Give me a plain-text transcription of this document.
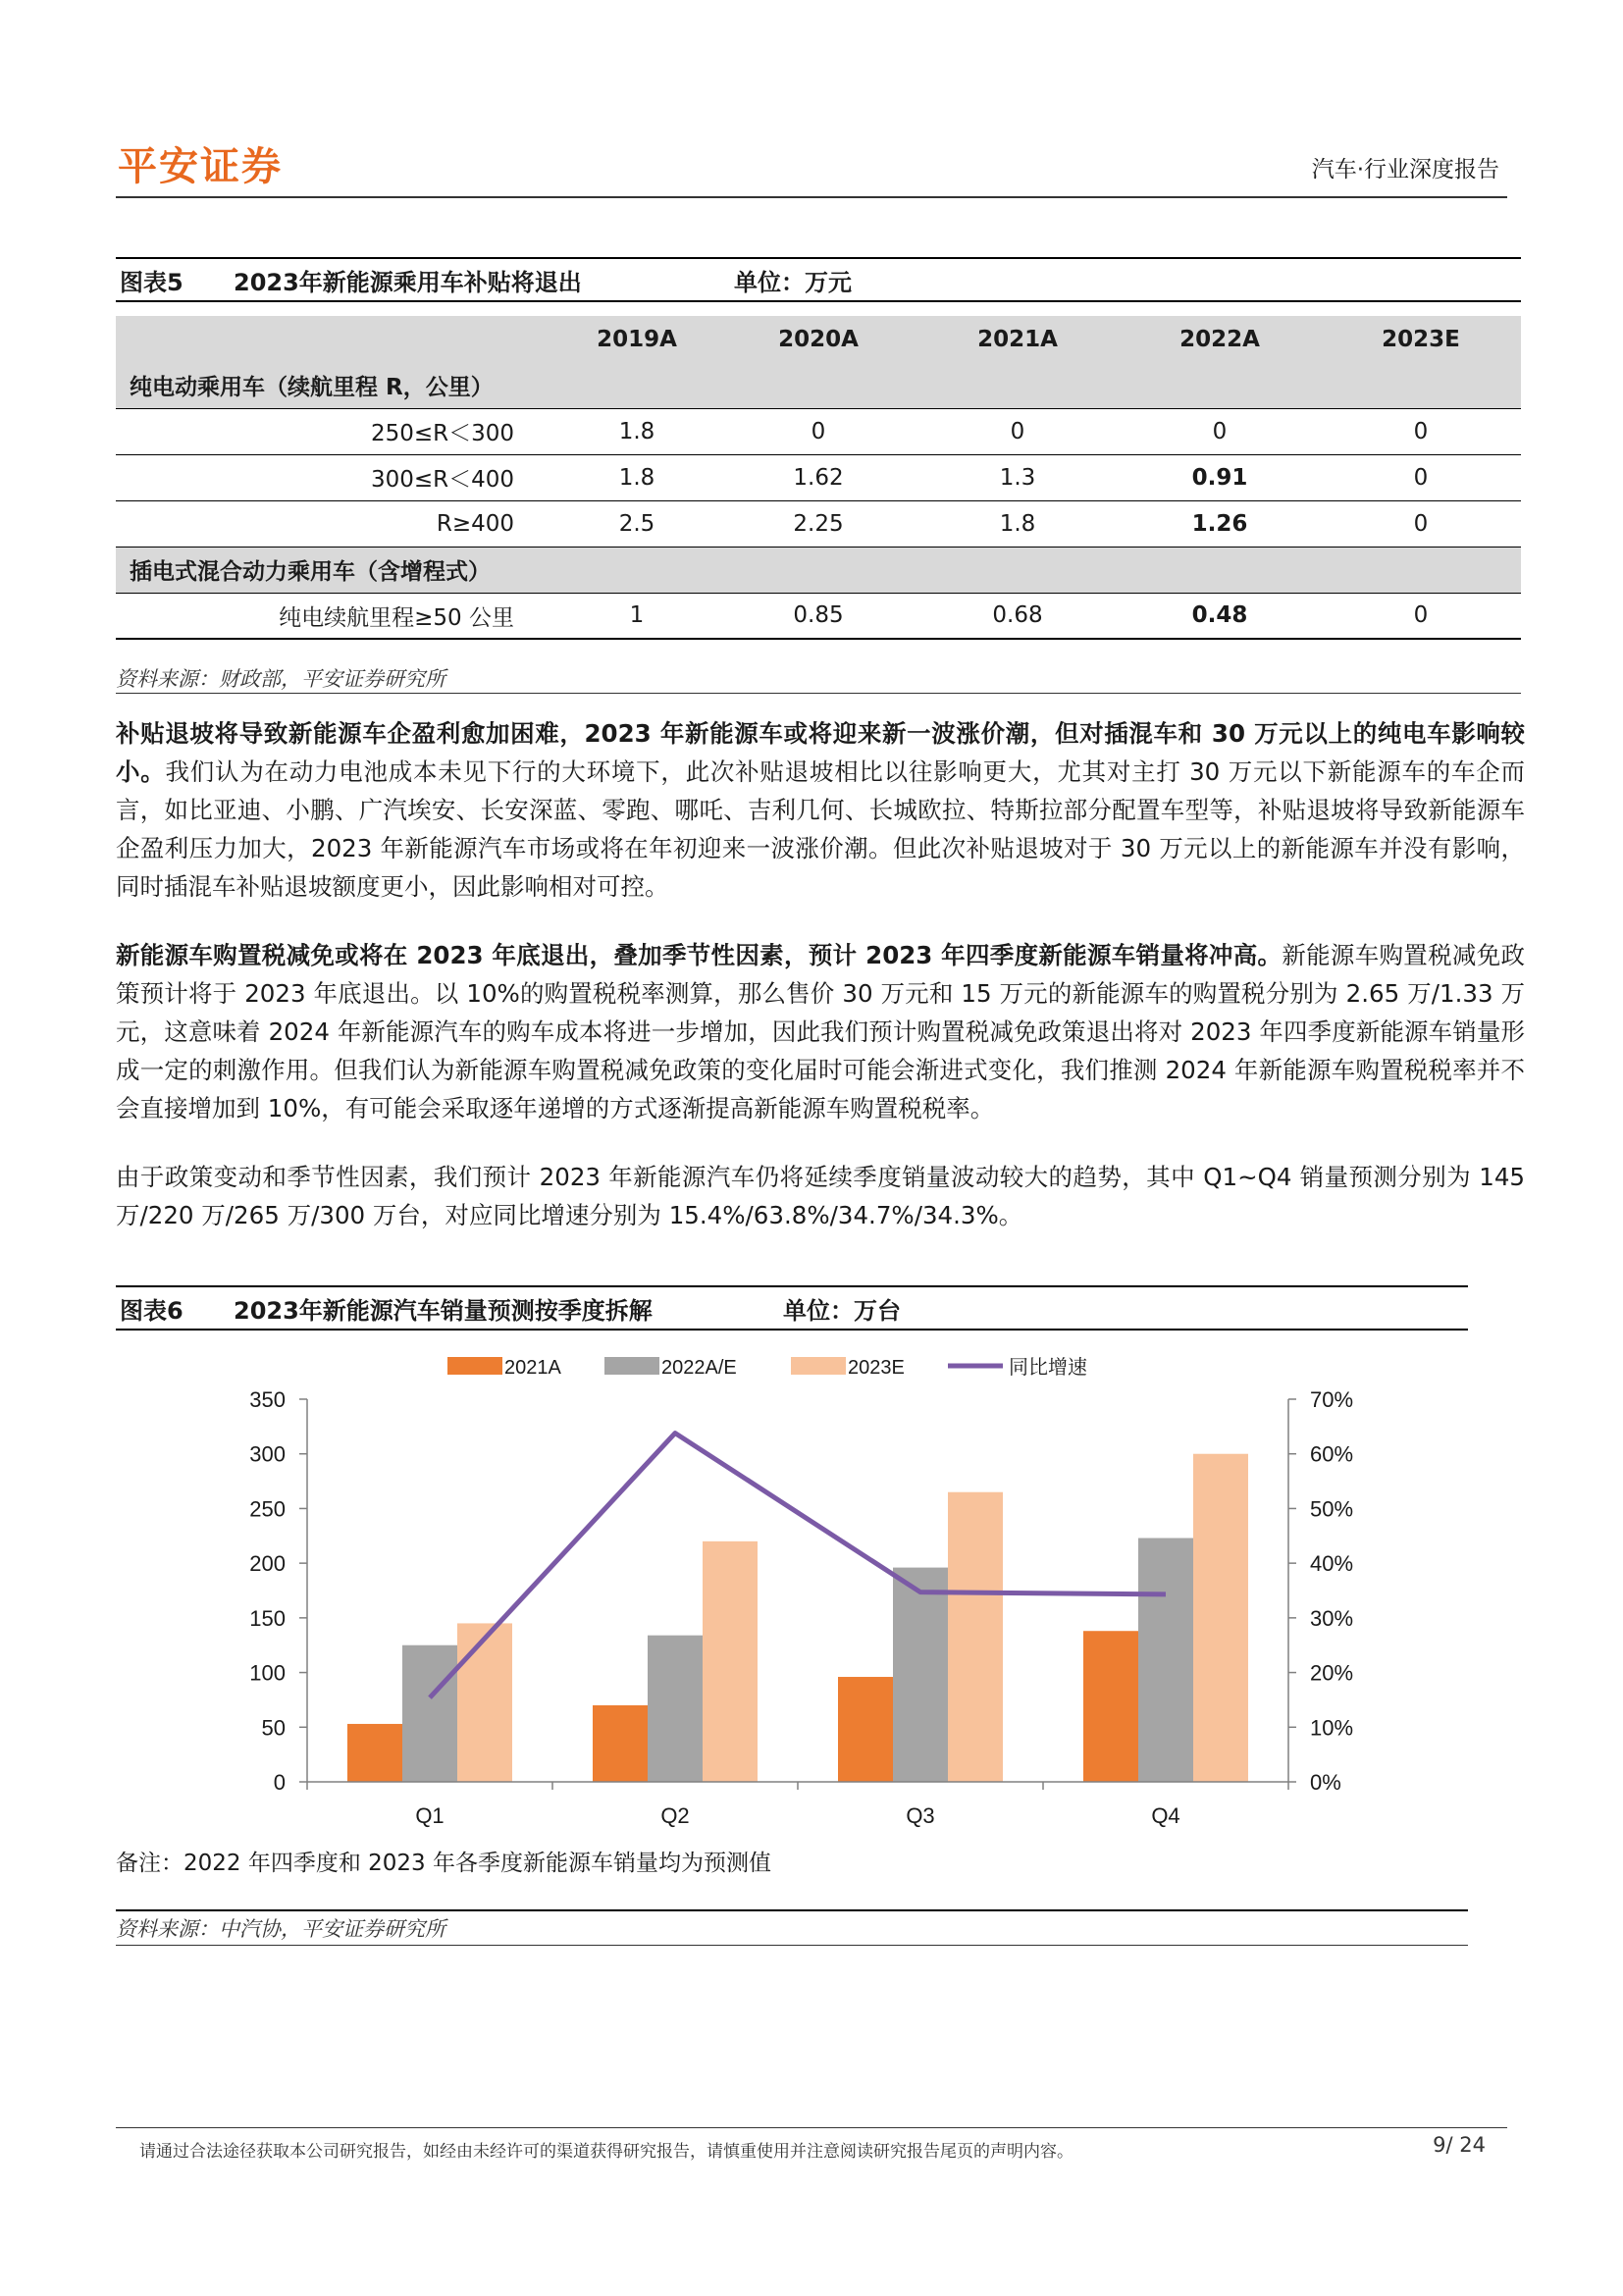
平安证券	汽车·行业深度报告
图表5	2023年新能源乘用车补贴将退出	单位：万元
	2019A	2020A	2021A	2022A	2023E
纯电动乘用车（续航里程 R，公里）					
250≤R＜300	1.8	0	0	0	0
300≤R＜400	1.8	1.62	1.3	0.91	0
R≥400	2.5	2.25	1.8	1.26	0
插电式混合动力乘用车（含增程式）					
纯电续航里程≥50 公里	1	0.85	0.68	0.48	0
资料来源：财政部，平安证券研究所

补贴退坡将导致新能源车企盈利愈加困难，2023 年新能源车或将迎来新一波涨价潮，但对插混车和 30 万元以上的纯电车影响较小。我们认为在动力电池成本未见下行的大环境下，此次补贴退坡相比以往影响更大，尤其对主打 30 万元以下新能源车的车企而言，如比亚迪、小鹏、广汽埃安、长安深蓝、零跑、哪吒、吉利几何、长城欧拉、特斯拉部分配置车型等，补贴退坡将导致新能源车企盈利压力加大，2023 年新能源汽车市场或将在年初迎来一波涨价潮。但此次补贴退坡对于 30 万元以上的新能源车并没有影响，同时插混车补贴退坡额度更小，因此影响相对可控。

新能源车购置税减免或将在 2023 年底退出，叠加季节性因素，预计 2023 年四季度新能源车销量将冲高。新能源车购置税减免政策预计将于 2023 年底退出。以 10%的购置税税率测算，那么售价 30 万元和 15 万元的新能源车的购置税分别为 2.65 万/1.33 万元，这意味着 2024 年新能源汽车的购车成本将进一步增加，因此我们预计购置税减免政策退出将对 2023 年四季度新能源车销量形成一定的刺激作用。但我们认为新能源车购置税减免政策的变化届时可能会渐进式变化，我们推测 2024 年新能源车购置税税率并不会直接增加到 10%，有可能会采取逐年递增的方式逐渐提高新能源车购置税税率。

由于政策变动和季节性因素，我们预计 2023 年新能源汽车仍将延续季度销量波动较大的趋势，其中 Q1~Q4 销量预测分别为 145 万/220 万/265 万/300 万台，对应同比增速分别为 15.4%/63.8%/34.7%/34.3%。

图表6	2023年新能源汽车销量预测按季度拆解	单位：万台
0
50
100
150
200
250
300
350
0%
10%
20%
30%
40%
50%
60%
70%
Q1	Q2	Q3	Q4
2021A	2022A/E	2023E	同比增速
备注：2022 年四季度和 2023 年各季度新能源车销量均为预测值
资料来源：中汽协，平安证券研究所
请通过合法途径获取本公司研究报告，如经由未经许可的渠道获得研究报告，请慎重使用并注意阅读研究报告尾页的声明内容。	9/ 24
